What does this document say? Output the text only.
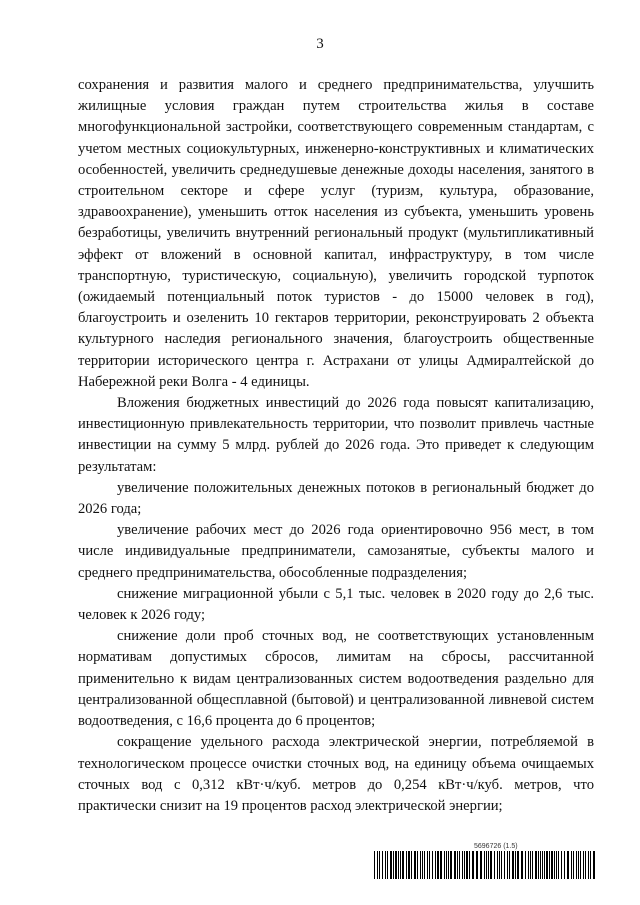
3

сохранения и развития малого и среднего предпринимательства, улучшить жилищные условия граждан путем строительства жилья в составе многофункциональной застройки, соответствующего современным стандартам, с учетом местных социокультурных, инженерно-конструктивных и климатических особенностей, увеличить среднедушевые денежные доходы населения, занятого в строительном секторе и сфере услуг (туризм, культура, образование, здравоохранение), уменьшить отток населения из субъекта, уменьшить уровень безработицы, увеличить внутренний региональный продукт (мультипликативный эффект от вложений в основной капитал, инфраструктуру, в том числе транспортную, туристическую, социальную), увеличить городской турпоток (ожидаемый потенциальный поток туристов - до 15000 человек в год), благоустроить и озеленить 10 гектаров территории, реконструировать 2 объекта культурного наследия регионального значения, благоустроить общественные территории исторического центра г. Астрахани от улицы Адмиралтейской до Набережной реки Волга - 4 единицы.

Вложения бюджетных инвестиций до 2026 года повысят капитализацию, инвестиционную привлекательность территории, что позволит привлечь частные инвестиции на сумму 5 млрд. рублей до 2026 года. Это приведет к следующим результатам:

увеличение положительных денежных потоков в региональный бюджет до 2026 года;

увеличение рабочих мест до 2026 года ориентировочно 956 мест, в том числе индивидуальные предприниматели, самозанятые, субъекты малого и среднего предпринимательства, обособленные подразделения;

снижение миграционной убыли с 5,1 тыс. человек в 2020 году до 2,6 тыс. человек к 2026 году;

снижение доли проб сточных вод, не соответствующих установленным нормативам допустимых сбросов, лимитам на сбросы, рассчитанной применительно к видам централизованных систем водоотведения раздельно для централизованной общесплавной (бытовой) и централизованной ливневой систем водоотведения, с 16,6 процента до 6 процентов;

сокращение удельного расхода электрической энергии, потребляемой в технологическом процессе очистки сточных вод, на единицу объема очищаемых сточных вод с 0,312 кВт·ч/куб. метров до 0,254 кВт·ч/куб. метров, что практически снизит на 19 процентов расход электрической энергии;

5696726 (1.5)
